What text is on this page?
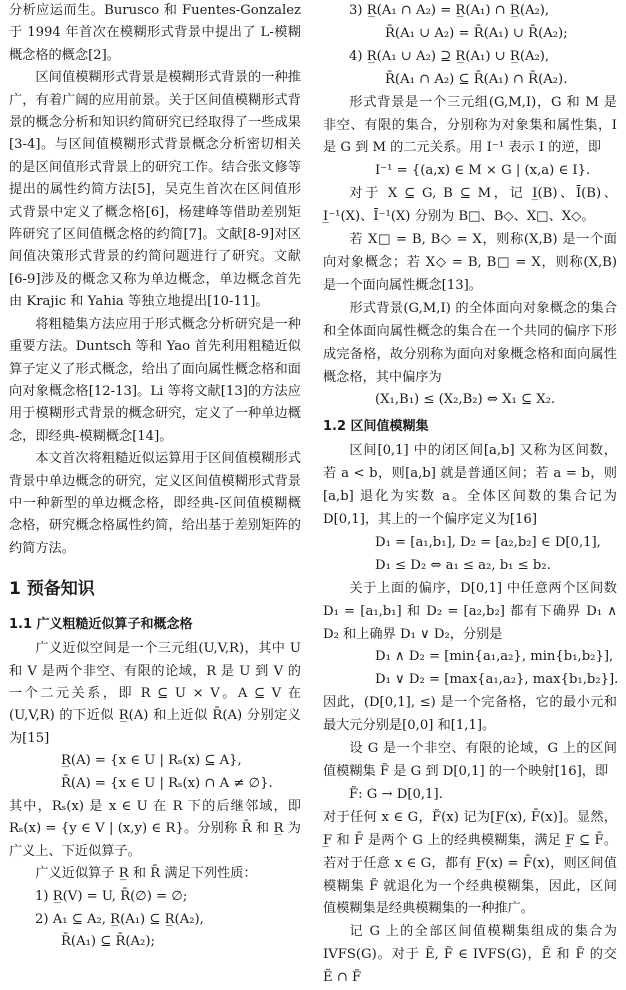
分析应运而生。Burusco 和 Fuentes-Gonzalez 于 1994 年首次在模糊形式背景中提出了 L-模糊概念格的概念[2]。

区间值模糊形式背景是模糊形式背景的一种推广，有着广阔的应用前景。关于区间值模糊形式背景的概念分析和知识约简研究已经取得了一些成果[3-4]。与区间值模糊形式背景概念分析密切相关的是区间值形式背景上的研究工作。结合张文修等提出的属性约简方法[5]，吴克生首次在区间值形式背景中定义了概念格[6]，杨建峰等借助差别矩阵研究了区间值概念格的约简[7]。文献[8-9]对区间值决策形式背景的约简问题进行了研究。文献[6-9]涉及的概念又称为单边概念，单边概念首先由 Krajic 和 Yahia 等独立地提出[10-11]。

将粗糙集方法应用于形式概念分析研究是一种重要方法。Duntsch 等和 Yao 首先利用粗糙近似算子定义了形式概念，给出了面向属性概念格和面向对象概念格[12-13]。Li 等将文献[13]的方法应用于模糊形式背景的概念研究，定义了一种单边概念，即经典-模糊概念[14]。

本文首次将粗糙近似运算用于区间值模糊形式背景中单边概念的研究，定义区间值模糊形式背景中一种新型的单边概念格，即经典-区间值模糊概念格，研究概念格属性约简，给出基于差别矩阵的约简方法。

1 预备知识
1.1 广义粗糙近似算子和概念格

广义近似空间是一个三元组(U,V,R)，其中 U 和 V 是两个非空、有限的论域，R 是 U 到 V 的一个二元关系，即 R ⊆ U × V。A ⊆ V 在 (U,V,R) 的下近似 R̲(A) 和上近似 R̄(A) 分别定义为[15]

R̲(A) = {x ∈ U | Rₛ(x) ⊆ A},
R̄(A) = {x ∈ U | Rₛ(x) ∩ A ≠ ∅}.

其中，Rₛ(x) 是 x ∈ U 在 R 下的后继邻域，即 Rₛ(x) = {y ∈ V | (x,y) ∈ R}。分别称 R̄ 和 R̲ 为广义上、下近似算子。

广义近似算子 R̲ 和 R̄ 满足下列性质：

1) R̲(V) = U, R̄(∅) = ∅;
2) A₁ ⊆ A₂, R̲(A₁) ⊆ R̲(A₂),
R̄(A₁) ⊆ R̄(A₂);
3) R̲(A₁ ∩ A₂) = R̲(A₁) ∩ R̲(A₂),
R̄(A₁ ∪ A₂) = R̄(A₁) ∪ R̄(A₂);
4) R̲(A₁ ∪ A₂) ⊇ R̲(A₁) ∪ R̲(A₂),
R̄(A₁ ∩ A₂) ⊆ R̄(A₁) ∩ R̄(A₂).

形式背景是一个三元组(G,M,I)，G 和 M 是非空、有限的集合，分别称为对象集和属性集，I 是 G 到 M 的二元关系。用 I⁻¹ 表示 I 的逆，即

I⁻¹ = {(a,x) ∈ M × G | (x,a) ∈ I}.

对于 X ⊆ G, B ⊆ M，记 I̲(B)、Ī(B)、I̲⁻¹(X)、Ī⁻¹(X) 分别为 B□、B◇、X□、X◇。

若 X□ = B, B◇ = X，则称(X,B) 是一个面向对象概念；若 X◇ = B, B□ = X，则称(X,B) 是一个面向属性概念[13]。

形式背景(G,M,I) 的全体面向对象概念的集合和全体面向属性概念的集合在一个共同的偏序下形成完备格，故分别称为面向对象概念格和面向属性概念格，其中偏序为

(X₁,B₁) ≤ (X₂,B₂) ⇔ X₁ ⊆ X₂.
1.2 区间值模糊集

区间[0,1] 中的闭区间[a,b] 又称为区间数，若 a < b，则[a,b] 就是普通区间；若 a = b，则[a,b] 退化为实数 a。全体区间数的集合记为 D[0,1]，其上的一个偏序定义为[16]

D₁ = [a₁,b₁], D₂ = [a₂,b₂] ∈ D[0,1],
D₁ ≤ D₂ ⇔ a₁ ≤ a₂, b₁ ≤ b₂.

关于上面的偏序，D[0,1] 中任意两个区间数 D₁ = [a₁,b₁] 和 D₂ = [a₂,b₂] 都有下确界 D₁ ∧ D₂ 和上确界 D₁ ∨ D₂，分别是

D₁ ∧ D₂ = [min{a₁,a₂}, min{b₁,b₂}],
D₁ ∨ D₂ = [max{a₁,a₂}, max{b₁,b₂}].

因此，(D[0,1], ≤) 是一个完备格，它的最小元和最大元分别是[0,0] 和[1,1]。

设 G 是一个非空、有限的论域，G 上的区间值模糊集 F̃ 是 G 到 D[0,1] 的一个映射[16]，即

F̃: G → D[0,1].

对于任何 x ∈ G，F̃(x) 记为[F̲(x), F̄(x)]。显然，F̲ 和 F̄ 是两个 G 上的经典模糊集，满足 F̲ ⊆ F̄。若对于任意 x ∈ G，都有 F̲(x) = F̄(x)，则区间值模糊集 F̃ 就退化为一个经典模糊集，因此，区间值模糊集是经典模糊集的一种推广。

记 G 上的全部区间值模糊集组成的集合为 IVFS(G)。对于 Ẽ, F̃ ∈ IVFS(G)，Ẽ 和 F̃ 的交 Ẽ ∩ F̃
